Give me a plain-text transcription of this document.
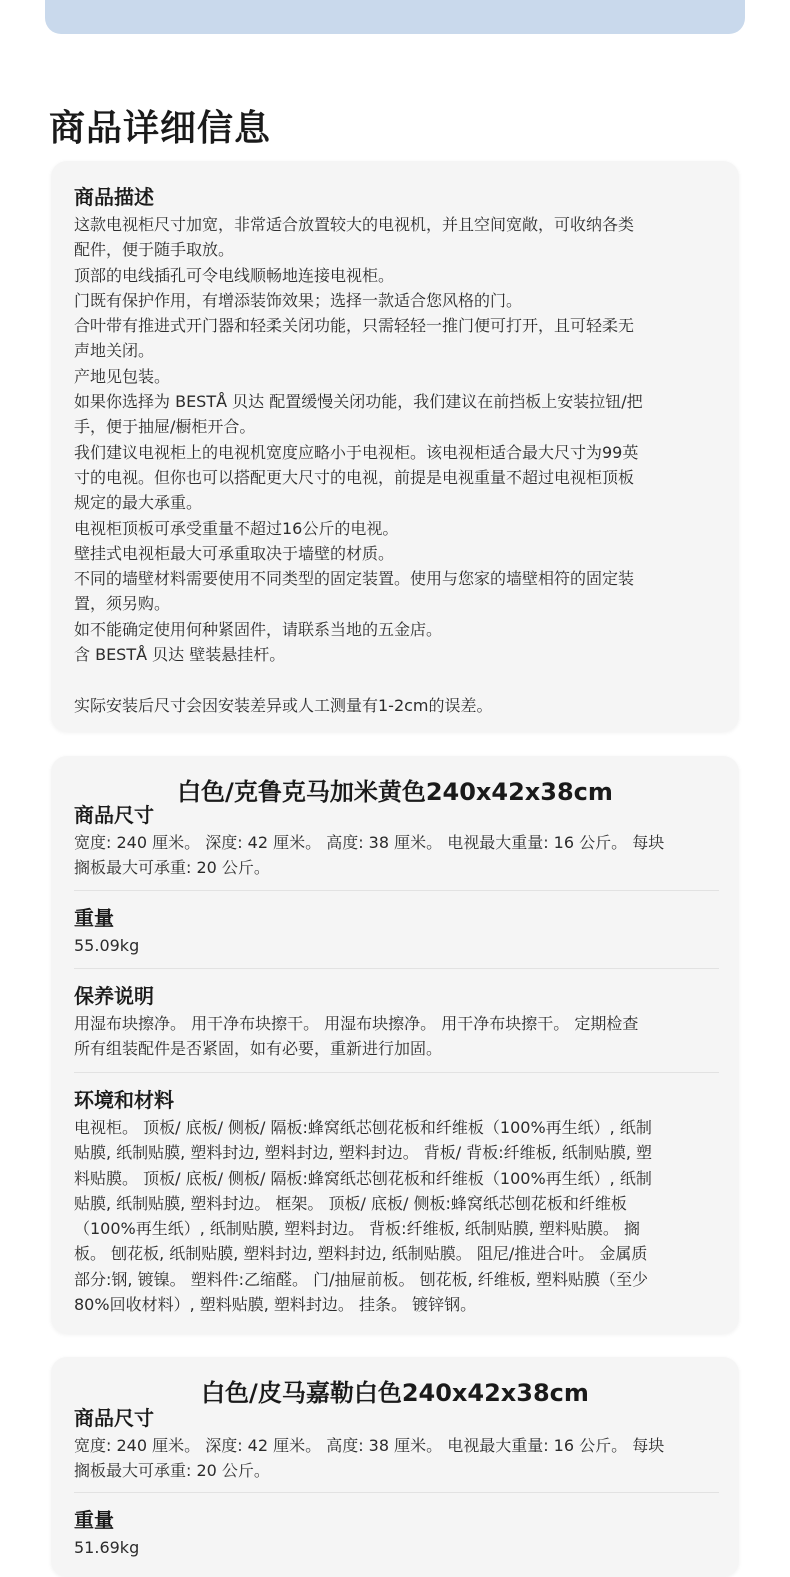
商品详细信息
商品描述
这款电视柜尺寸加宽，非常适合放置较大的电视机，并且空间宽敞，可收纳各类
配件，便于随手取放。
顶部的电线插孔可令电线顺畅地连接电视柜。
门既有保护作用，有增添装饰效果；选择一款适合您风格的门。
合叶带有推进式开门器和轻柔关闭功能，只需轻轻一推门便可打开，且可轻柔无
声地关闭。
产地见包装。
如果你选择为 BESTÅ 贝达 配置缓慢关闭功能，我们建议在前挡板上安装拉钮/把
手，便于抽屉/橱柜开合。
我们建议电视柜上的电视机宽度应略小于电视柜。该电视柜适合最大尺寸为99英
寸的电视。但你也可以搭配更大尺寸的电视，前提是电视重量不超过电视柜顶板
规定的最大承重。
电视柜顶板可承受重量不超过16公斤的电视。
壁挂式电视柜最大可承重取决于墙壁的材质。
不同的墙壁材料需要使用不同类型的固定装置。使用与您家的墙壁相符的固定装
置，须另购。
如不能确定使用何种紧固件，请联系当地的五金店。
含 BESTÅ 贝达 壁装悬挂杆。
实际安装后尺寸会因安装差异或人工测量有1-2cm的误差。
白色/克鲁克马加米黄色240x42x38cm
商品尺寸
宽度: 240 厘米。 深度: 42 厘米。 高度: 38 厘米。 电视最大重量: 16 公斤。 每块
搁板最大可承重: 20 公斤。
重量
55.09kg
保养说明
用湿布块擦净。 用干净布块擦干。 用湿布块擦净。 用干净布块擦干。 定期检查
所有组装配件是否紧固，如有必要，重新进行加固。
环境和材料
电视柜。 顶板/ 底板/ 侧板/ 隔板:蜂窝纸芯刨花板和纤维板（100%再生纸）, 纸制
贴膜, 纸制贴膜, 塑料封边, 塑料封边, 塑料封边。 背板/ 背板:纤维板, 纸制贴膜, 塑
料贴膜。 顶板/ 底板/ 侧板/ 隔板:蜂窝纸芯刨花板和纤维板（100%再生纸）, 纸制
贴膜, 纸制贴膜, 塑料封边。 框架。 顶板/ 底板/ 侧板:蜂窝纸芯刨花板和纤维板
（100%再生纸）, 纸制贴膜, 塑料封边。 背板:纤维板, 纸制贴膜, 塑料贴膜。 搁
板。 刨花板, 纸制贴膜, 塑料封边, 塑料封边, 纸制贴膜。 阻尼/推进合叶。 金属质
部分:钢, 镀镍。 塑料件:乙缩醛。 门/抽屉前板。 刨花板, 纤维板, 塑料贴膜（至少
80%回收材料）, 塑料贴膜, 塑料封边。 挂条。 镀锌钢。
白色/皮马嘉勒白色240x42x38cm
商品尺寸
宽度: 240 厘米。 深度: 42 厘米。 高度: 38 厘米。 电视最大重量: 16 公斤。 每块
搁板最大可承重: 20 公斤。
重量
51.69kg
